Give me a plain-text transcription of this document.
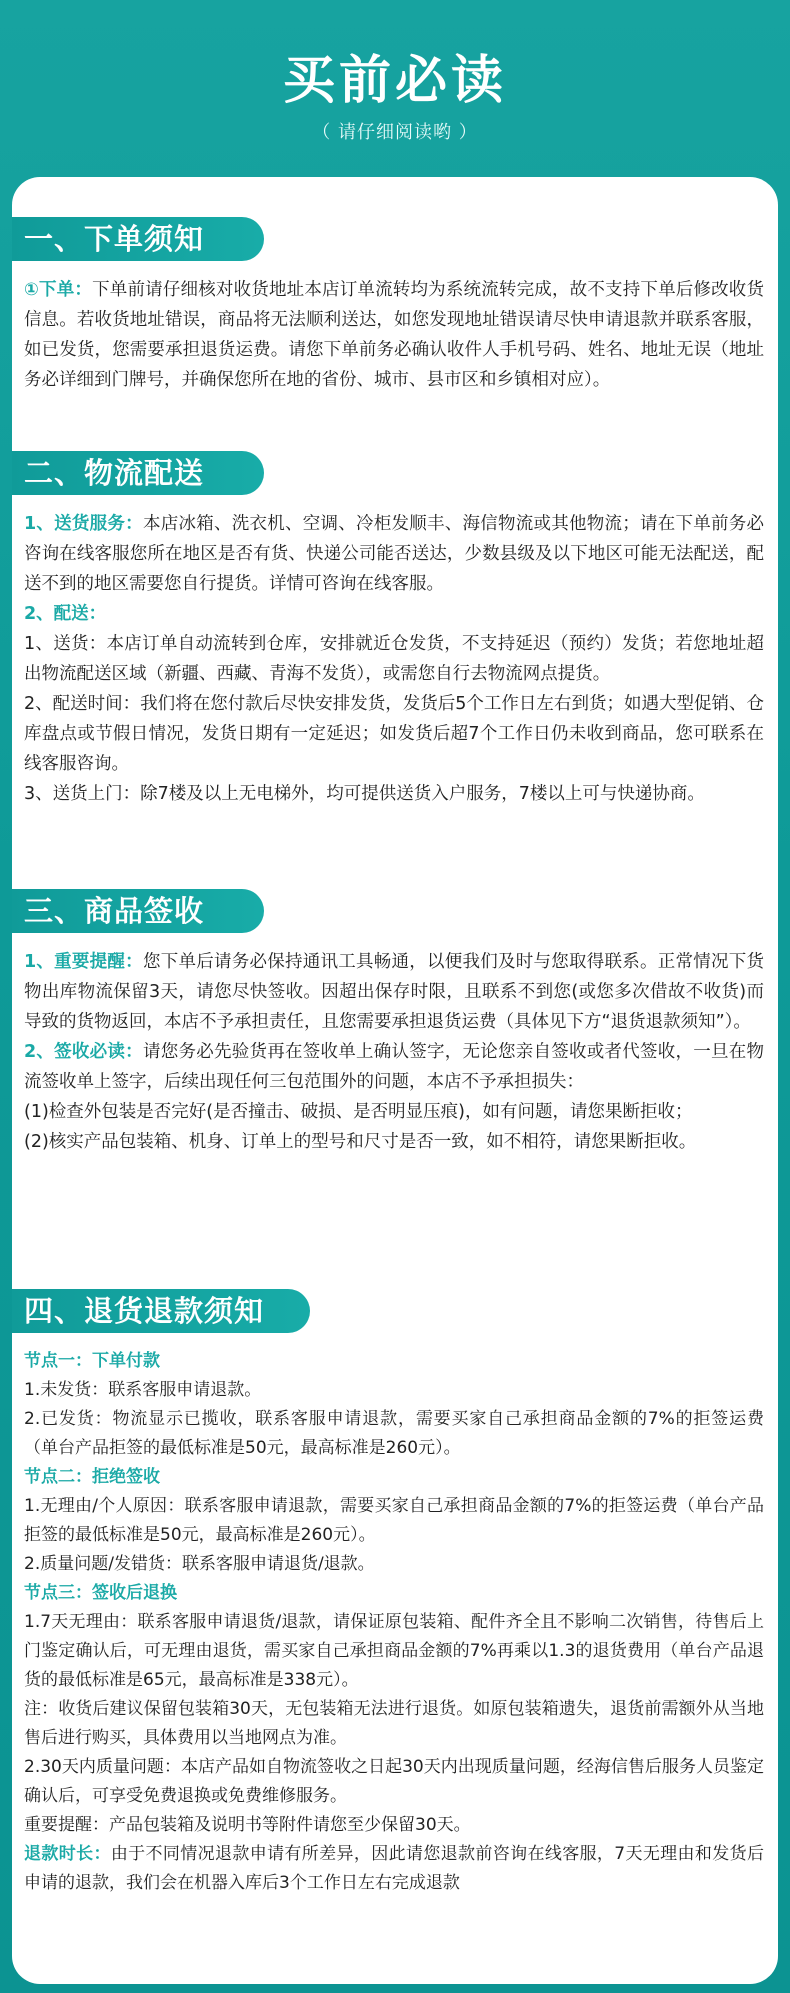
买前必读
（ 请仔细阅读哟 ）
一、下单须知

①下单：下单前请仔细核对收货地址本店订单流转均为系统流转完成，故不支持下单后修改收货信息。若收货地址错误，商品将无法顺利送达，如您发现地址错误请尽快申请退款并联系客服，如已发货，您需要承担退货运费。请您下单前务必确认收件人手机号码、姓名、地址无误（地址务必详细到门牌号，并确保您所在地的省份、城市、县市区和乡镇相对应）。

二、物流配送

1、送货服务：本店冰箱、洗衣机、空调、冷柜发顺丰、海信物流或其他物流；请在下单前务必咨询在线客服您所在地区是否有货、快递公司能否送达，少数县级及以下地区可能无法配送，配送不到的地区需要您自行提货。详情可咨询在线客服。

2、配送：

1、送货：本店订单自动流转到仓库，安排就近仓发货，不支持延迟（预约）发货；若您地址超出物流配送区域（新疆、西藏、青海不发货），或需您自行去物流网点提货。

2、配送时间：我们将在您付款后尽快安排发货，发货后5个工作日左右到货；如遇大型促销、仓库盘点或节假日情况，发货日期有一定延迟；如发货后超7个工作日仍未收到商品，您可联系在线客服咨询。

3、送货上门：除7楼及以上无电梯外，均可提供送货入户服务，7楼以上可与快递协商。

三、商品签收

1、重要提醒：您下单后请务必保持通讯工具畅通，以便我们及时与您取得联系。正常情况下货物出库物流保留3天，请您尽快签收。因超出保存时限，且联系不到您(或您多次借故不收货)而导致的货物返回，本店不予承担责任，且您需要承担退货运费（具体见下方“退货退款须知”）。

2、签收必读：请您务必先验货再在签收单上确认签字，无论您亲自签收或者代签收，一旦在物流签收单上签字，后续出现任何三包范围外的问题，本店不予承担损失：

(1)检查外包装是否完好(是否撞击、破损、是否明显压痕)，如有问题，请您果断拒收；

(2)核实产品包装箱、机身、订单上的型号和尺寸是否一致，如不相符，请您果断拒收。

四、退货退款须知

节点一：下单付款

1.未发货：联系客服申请退款。

2.已发货：物流显示已揽收，联系客服申请退款，需要买家自己承担商品金额的7%的拒签运费（单台产品拒签的最低标准是50元，最高标准是260元）。

节点二：拒绝签收

1.无理由/个人原因：联系客服申请退款，需要买家自己承担商品金额的7%的拒签运费（单台产品拒签的最低标准是50元，最高标准是260元）。

2.质量问题/发错货：联系客服申请退货/退款。

节点三：签收后退换

1.7天无理由：联系客服申请退货/退款，请保证原包装箱、配件齐全且不影响二次销售，待售后上门鉴定确认后，可无理由退货，需买家自己承担商品金额的7%再乘以1.3的退货费用（单台产品退货的最低标准是65元，最高标准是338元）。

注：收货后建议保留包装箱30天，无包装箱无法进行退货。如原包装箱遗失，退货前需额外从当地售后进行购买，具体费用以当地网点为准。

2.30天内质量问题：本店产品如自物流签收之日起30天内出现质量问题，经海信售后服务人员鉴定确认后，可享受免费退换或免费维修服务。

重要提醒：产品包装箱及说明书等附件请您至少保留30天。

退款时长：由于不同情况退款申请有所差异，因此请您退款前咨询在线客服，7天无理由和发货后申请的退款，我们会在机器入库后3个工作日左右完成退款
